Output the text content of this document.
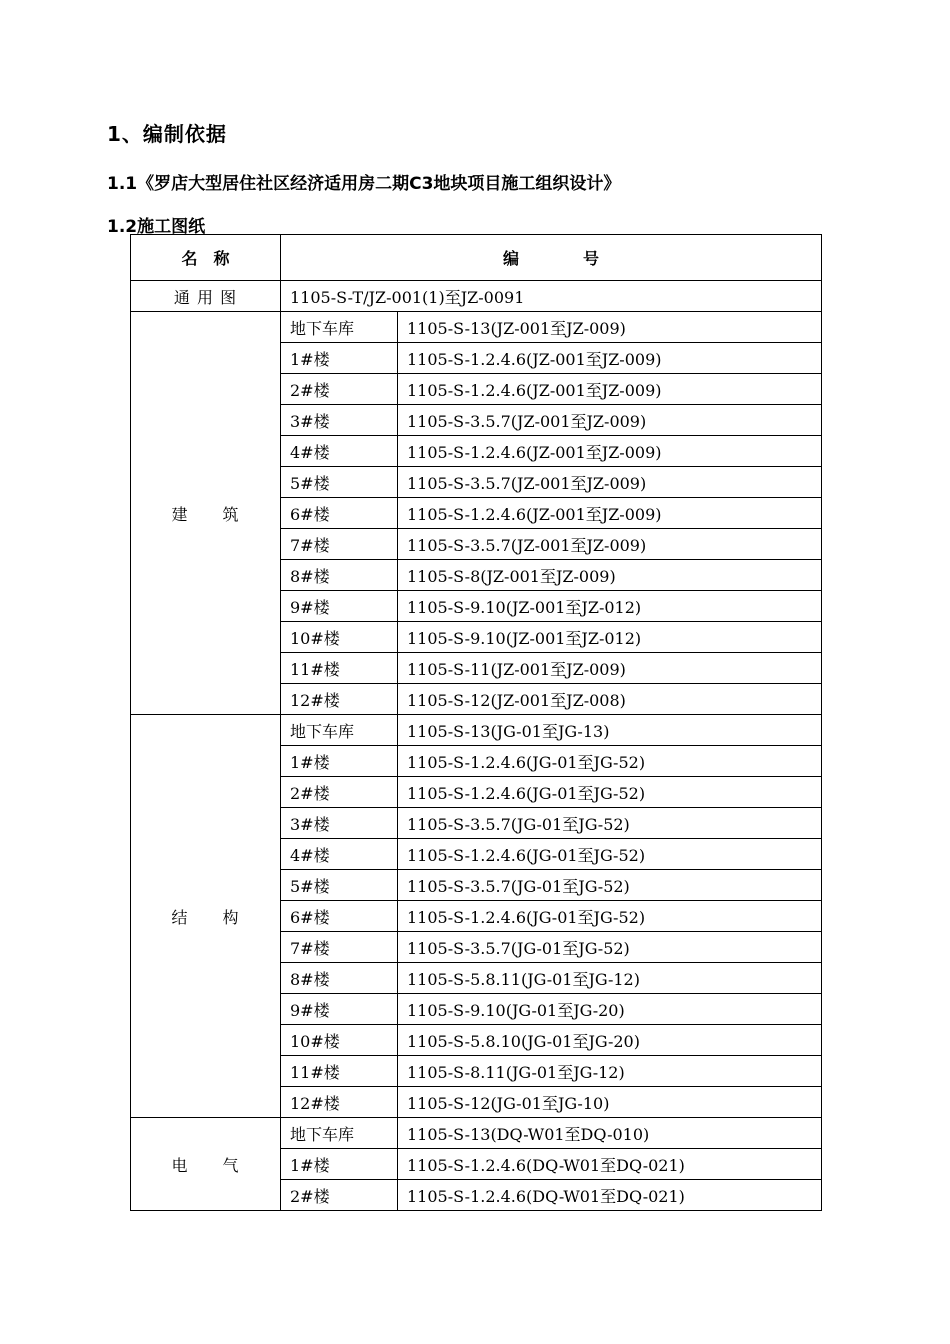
1、编制依据
1.1《罗店大型居住社区经济适用房二期C3地块项目施工组织设计》
1.2施工图纸
名　称	编　　　　号	
通 用 图	1105-S-T/JZ-001(1)至JZ-0091	
建　　筑	地下车库	1105-S-13(JZ-001至JZ-009)
	1#楼	1105-S-1.2.4.6(JZ-001至JZ-009)
	2#楼	1105-S-1.2.4.6(JZ-001至JZ-009)
	3#楼	1105-S-3.5.7(JZ-001至JZ-009)
	4#楼	1105-S-1.2.4.6(JZ-001至JZ-009)
	5#楼	1105-S-3.5.7(JZ-001至JZ-009)
	6#楼	1105-S-1.2.4.6(JZ-001至JZ-009)
	7#楼	1105-S-3.5.7(JZ-001至JZ-009)
	8#楼	1105-S-8(JZ-001至JZ-009)
	9#楼	1105-S-9.10(JZ-001至JZ-012)
	10#楼	1105-S-9.10(JZ-001至JZ-012)
	11#楼	1105-S-11(JZ-001至JZ-009)
	12#楼	1105-S-12(JZ-001至JZ-008)
结　　构	地下车库	1105-S-13(JG-01至JG-13)
	1#楼	1105-S-1.2.4.6(JG-01至JG-52)
	2#楼	1105-S-1.2.4.6(JG-01至JG-52)
	3#楼	1105-S-3.5.7(JG-01至JG-52)
	4#楼	1105-S-1.2.4.6(JG-01至JG-52)
	5#楼	1105-S-3.5.7(JG-01至JG-52)
	6#楼	1105-S-1.2.4.6(JG-01至JG-52)
	7#楼	1105-S-3.5.7(JG-01至JG-52)
	8#楼	1105-S-5.8.11(JG-01至JG-12)
	9#楼	1105-S-9.10(JG-01至JG-20)
	10#楼	1105-S-5.8.10(JG-01至JG-20)
	11#楼	1105-S-8.11(JG-01至JG-12)
	12#楼	1105-S-12(JG-01至JG-10)
电　　气	地下车库	1105-S-13(DQ-W01至DQ-010)
	1#楼	1105-S-1.2.4.6(DQ-W01至DQ-021)
	2#楼	1105-S-1.2.4.6(DQ-W01至DQ-021)
